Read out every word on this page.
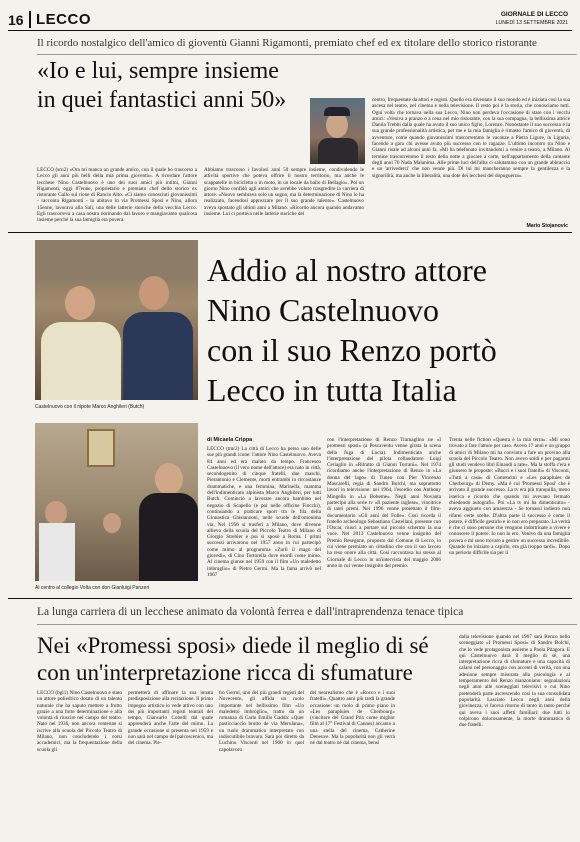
16 LECCO	GIORNALE DI LECCO
LUNEDÌ 13 SETTEMBRE 2021
Il ricordo nostalgico dell'amico di gioventù Gianni Rigamonti, premiato chef ed ex titolare dello storico ristorante
«Io e lui, sempre insieme
in quei fantastici anni 50»
LECCO (srn2) «Ora mi manca un grande amico, con il quale ho trascorso a Lecco gli anni più belli della mia prima gioventù». A ricordare l'attore lecchese Nino Castelnuovo è uno dei suoi amici più intimi, Gianni Rigamonti, oggi 87enne, proprietario e premiato chef dello storico ex ristorante Gallo sul rione di Rancio Alto. «Ci siamo conosciuti giovanissimi - racconta Rigamonti - lo abitavo in via Promessi Sposi e Nino, allora 15enne, lavorava alla Sali, una delle latterie storiche della vecchia Lecco. Egli trascorreva a casa nostra normando dal lavoro e mangiavamo qualcosa insieme perché la sua famiglia era povera.
Abbiamo trascorso i favolosi anni 50 sempre insieme, condividendo le attività sportive che poteva offrire il nostro territorio, ma anche le scappatelle in bicicletta o in moto, in un locale da ballo di Bellagio». Poi un giorno Nino confidò agli amici che avrebbe voluto trasgredire la carriera di attore. «Nuovo sembrava solo un sogno, ma la determinazione di Nino lo ha realizzato, facendosi apprezzare per il suo grande talento». Castelnuovo aveva spostato gli ultimi anni a Milano. «Ricordo ancora quando andavamo insieme. Lui ci portava nelle latterie storiche del
centro, frequentate da attori e registi. Quello era diventato il suo mondo ed è iniziata così la sua ascesa nel teatro, nel cinema e nella televisione. Il resto poi è la storia, che conosciamo tutti. Ogni volta che tornava nella sua Lecco, Nino non perdeva l'occasione di stare con i vecchi amici: «Veniva a pranzo o a cena nel mio ristorante, con la sua compagna, la bellissima attrice Danila Trebbi dalla quale ha avuto il suo unico figlio, Lorenzo. Nonostante il suo successo e la sua grande professionalità artistica, per me e la mia famiglia è rimasto l'amico di gioventù, di avventure, come quando giovanissimi trascorremmo le vacanze a Pietra Ligure, in Liguria, facendo a gara chi avesse avuto più successo con le ragazze. L'ultimo incontro tra Nino e Gianni risale ad alcuni anni fa. «Mi ha telefonato invitandomi a venire a teatro, a Milano. Al termine trascorremmo il resto della notte a giocare a carte, nell'appartamento della cantante degli anni 70 Nada Malanima. Alle prime luci dell'alba ci salutammo con un grande abbraccio e un 'arrivederci' che non venne più. Di lui mi mancheranno sempre la gentilezza e la signorilità, ma anche la liberalità, una dote dei lecchesi del dopoguerra».
Mario Stojanovic
Castelnuovo con il nipote Marco Anghileri (Butch)
Addio al nostro attore
Nino Castelnuovo
con il suo Renzo portò
Lecco in tutta Italia
Al centro al collegio Volta con don Gianluigi Panzeri
di Micaela Crippa
LECCO (tmr2) La città di Lecco ha perso uno delle sue più grandi icone: l'attore Nino Castelnuovo. Aveva 84 anni ed era malato da tempo. Francesco Castelnuovo (il vero nome dell'attore) era nato in città, secondogenito di cinque fratelli, due maschi, Pierantonio e Clemente, morti entrambi in circostanze drammatiche, e una femmina, Marinella, mamma dell'indimenticato alpinista Marco Anghileri, per tutti Butch. Cominciò a lavorare ancora bambino nel negozio di Scapello (e poi nelle officine Fiocchi), continuando a praticare sport tra le fila della Ginnastica Ghislanzoni, nelle scuole dell'omonima via. Nel 1956 si trasferì a Milano, dove divenne allievo della scuola del Piccolo Teatro di Milano di Giorgio Strehler e poi si sposò a Roma. I primi successi arrivarono nel 1957 anno in cui partecipò come mimo al programma «Zurlì il mago del giovedì», di Cino Tortorella dove esordì come mimo. Al cinema giunse nel 1959 con il film «Un maledetto imbroglio» di Pietro Germi. Ma la fama arrivò nel 1967
con l'interpretazione di Renzo Tramaglino ne «I promessi sposi» (a Pescaventu venne girata la scena della fuga di Lucia). Indimenticata anche l'interpretazione del pilota collaudatore Luigi Ceriaglio in «Ritratto di Gianni Torrani». Nel 1974 ricordiamo anche l'interpretazione di Renzo in «La donna del lago» di Tuneo con Pier Vincenzo Mascarelli, regia di Sandro Bolchi, ma soprattutto lavori in televisione: nel 1964, l'esordio con Anthony Mingella in «La Boheme». Negli anni Novanta partecipò alla serie tv «Il paziente inglese», vincitrice di tanti premi. Nel 1996 venne proiettato il film-documentario «Gli anni del Folle». Così ricorda il fratello archeologo Sebastiano Castellani, presente con l'Oscar, riuscì a portare sul piccolo schermo la sua voce. Nel 2013 Castelnuovo venne insignito del Premio Resegone, proposto dal Comune di Lecco, in cui viene premiato un cittadino che con il suo lavoro ha reso onore alla città. Così raccontava lui stesso al Giornale di Lecco in un'intervista del maggio 2006 anno in cui venne insignito del premio.
Trenta nelle fiction «Questa è la mia terra»: «Mi sono trovato a fare l'attore per caso. Avevo 17 anni e un gruppo di amici di Milano mi ha convinto a fare un provino alla scuola del Piccolo Teatro. Non avevo soldi e per pagarmi gli studi vendevo libri Einaudi a rate». Ma la stoffa c'era e giunsero le proposte: «Bucci e i suoi fratelli» di Visconti, «Tutti a casa» di Comencini e «Les parapluies de Cherbourg» di Demy. «Ma è col 'Promessi Sposi' che è arrivato il grande successo. La tv era più tranquilla, meno isterica e ricordo che quando mi avevano fermato chiedendo autografi». Poi «La tv mi ha dimenticato» - aveva aggiunto con amarezza - Se tornassi indietro non rifarei certe scelte. D'altra parte il successo è come il potere, è difficile gestirlo e io non ero preparato. La verità è che ci sono persone che vengono indottrinate a vivere e conoscere il potere. Io non lo ero. Venivo da una famiglia povera e mi sono trovato a gestire un successo incredibile. Quando ho iniziato a capirlo, era già troppo tardi». Dopo un periodo difficile sia per il
La lunga carriera di un lecchese animato da volontà ferrea e dall'intraprendenza tenace tipica
Nei «Promessi sposi» diede il meglio di sé
con un'interpretazione ricca di sfumature
LECCO (bgl1) Nino Castelnuovo e stato un attore poliedrico dotato di un talento naturale che ha saputo mettere a frutto grazie a una forte determinazione e alla volontà di riuscire nel campo del teatro. Nato nel 1936, non ancora ventenne si iscrive alla scuola del Piccolo Teatro di Milano, non concludendo i corsi accademici, ma la frequentazione della scuola gli
permetterà di affinare la sua innata predisposizione alla recitazione. Il primo impegno artistico lo vede attivo con uno dei più importanti registi teatrali del tempo, Giancarlo Cobelli dal quale apprenderà anche l'arte del mimo. La grande occasione si presenta nel 1959 e non sarà nel campo del palcoscenico, ma del cinema. Pie-
tro Germi, uno dei più grandi registi del Novecento, gli affida un ruolo importante nel bellissimo film «Un maledetto imbroglio», tratto da un romanzo di Carlo Emilio Gadda: «Quer pasticciaccio brutto de via Merulana», un ruolo drammatico interpretato con indiscutibile bravura. Sarà poi diretto da Luchino Visconti nel 1960 in quel capolavoro
del neorealismo che è «Rocco e i suoi fratelli». Quattro anni più tardi la grande occasione: un ruolo di primo piano in «Les parapluies de Cherbourg» (vincitore del Grand Prix come miglior film al 17° Festival di Cannes) accanto a una stella del cinema, Catherine Deneuve. Ma la popolarità non gli verrà né dal teatro né dal cinema, bensì
dalla televisione quando nel 1967 sarà Renzo nello sceneggiato «I Promessi Sposi» di Sandro Bolchi, che lo vede protagonista assieme a Paola Pitagora. E qui Castelnuovo darà il meglio di sé, una interpretazione ricca di sfumature e una capacità di calarsi nel personaggio con accenti di verità, con una adesione sempre misurata alla psicologia e al temperamento del Renzo manzoniano: segnalazioni negli anni alle sceneggiati televisivi e cui Nino pretenderà parte ascrescendo così la sua consolidata popolarità. Lasciato Lecco negli anni della giovinezza, vi faceva ritorno di tanto in tanto perché qui aveva i suoi affetti familiari: due lutti lo colpirono dolorosamente, la morte drammatica di due fratelli.
